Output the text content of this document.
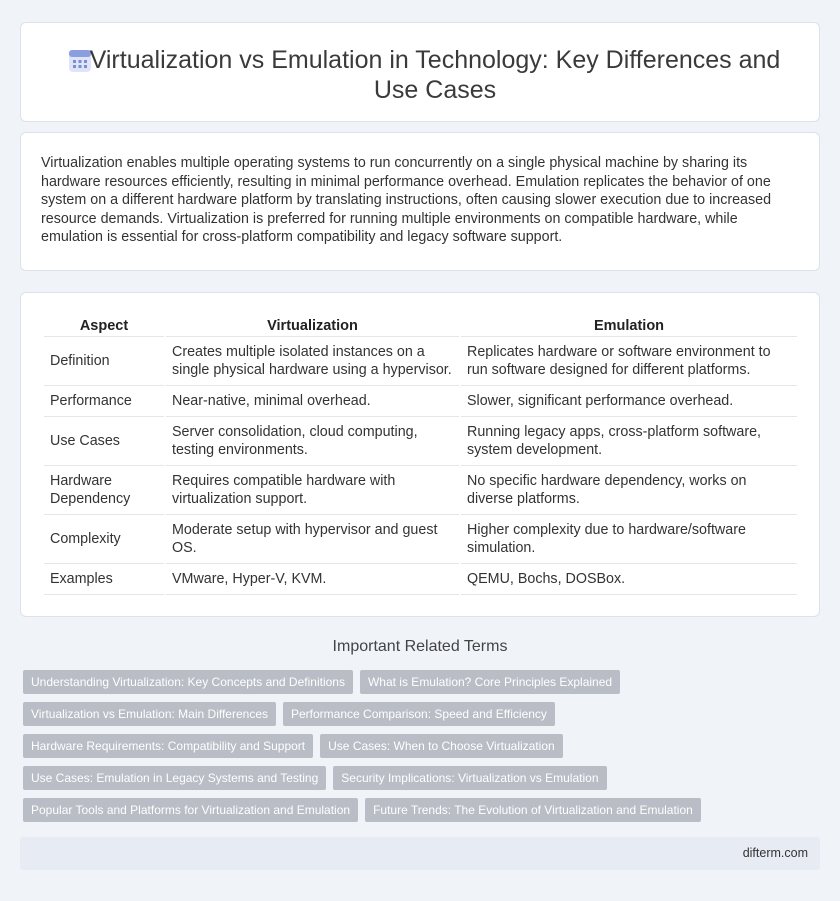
Virtualization vs Emulation in Technology: Key Differences and Use Cases

Virtualization enables multiple operating systems to run concurrently on a single physical machine by sharing its hardware resources efficiently, resulting in minimal performance overhead. Emulation replicates the behavior of one system on a different hardware platform by translating instructions, often causing slower execution due to increased resource demands. Virtualization is preferred for running multiple environments on compatible hardware, while emulation is essential for cross-platform compatibility and legacy software support.

Aspect	Virtualization	Emulation
Definition	Creates multiple isolated instances on a single physical hardware using a hypervisor.	Replicates hardware or software environment to run software designed for different platforms.
Performance	Near-native, minimal overhead.	Slower, significant performance overhead.
Use Cases	Server consolidation, cloud computing, testing environments.	Running legacy apps, cross-platform software, system development.
Hardware Dependency	Requires compatible hardware with virtualization support.	No specific hardware dependency, works on diverse platforms.
Complexity	Moderate setup with hypervisor and guest OS.	Higher complexity due to hardware/software simulation.
Examples	VMware, Hyper-V, KVM.	QEMU, Bochs, DOSBox.
Important Related Terms
Understanding Virtualization: Key Concepts and Definitions	What is Emulation? Core Principles Explained
Virtualization vs Emulation: Main Differences	Performance Comparison: Speed and Efficiency
Hardware Requirements: Compatibility and Support	Use Cases: When to Choose Virtualization
Use Cases: Emulation in Legacy Systems and Testing	Security Implications: Virtualization vs Emulation
Popular Tools and Platforms for Virtualization and Emulation	Future Trends: The Evolution of Virtualization and Emulation
difterm.com
